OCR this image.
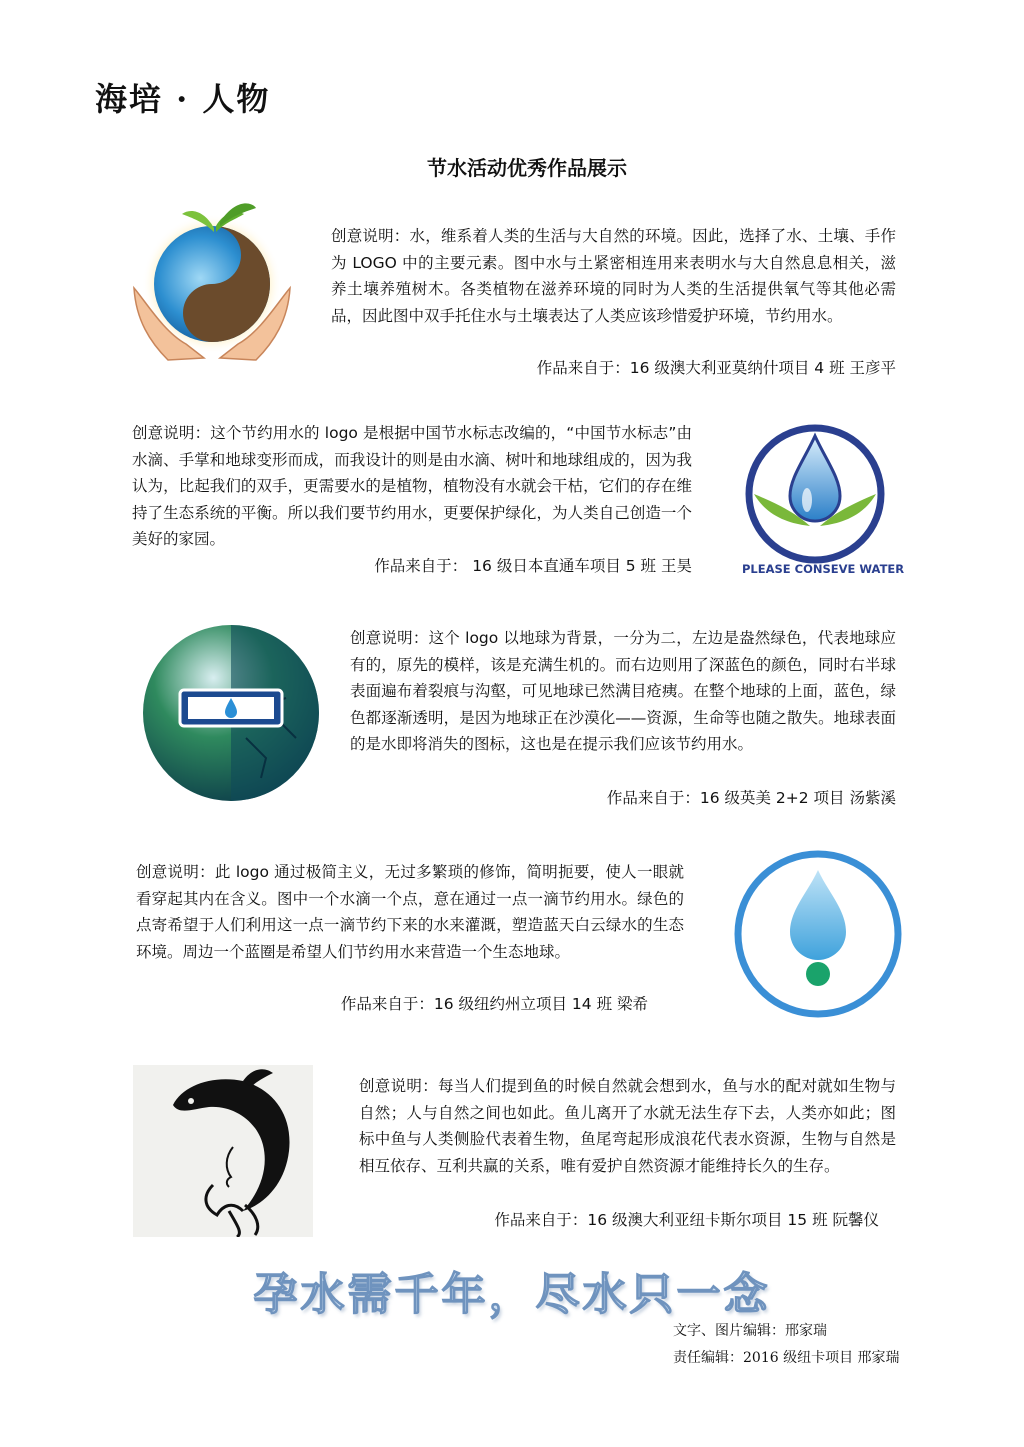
海培 · 人物
节水活动优秀作品展示
创意说明：水，维系着人类的生活与大自然的环境。因此，选择了水、土壤、手作为 LOGO 中的主要元素。图中水与土紧密相连用来表明水与大自然息息相关，滋养土壤养殖树木。各类植物在滋养环境的同时为人类的生活提供氧气等其他必需品，因此图中双手托住水与土壤表达了人类应该珍惜爱护环境，节约用水。
作品来自于：16 级澳大利亚莫纳什项目 4 班 王彦平
创意说明：这个节约用水的 logo 是根据中国节水标志改编的，“中国节水标志”由水滴、手掌和地球变形而成，而我设计的则是由水滴、树叶和地球组成的，因为我认为，比起我们的双手，更需要水的是植物，植物没有水就会干枯，它们的存在维持了生态系统的平衡。所以我们要节约用水，更要保护绿化，为人类自己创造一个美好的家园。
作品来自于： 16 级日本直通车项目 5 班 王昊	PLEASE CONSEVE WATER
创意说明：这个 logo 以地球为背景，一分为二，左边是盎然绿色，代表地球应有的，原先的模样，该是充满生机的。而右边则用了深蓝色的颜色，同时右半球表面遍布着裂痕与沟壑，可见地球已然满目疮痍。在整个地球的上面，蓝色，绿色都逐渐透明，是因为地球正在沙漠化——资源，生命等也随之散失。地球表面的是水即将消失的图标，这也是在提示我们应该节约用水。
作品来自于：16 级英美 2+2 项目 汤紫溪
创意说明：此 logo 通过极简主义，无过多繁琐的修饰，简明扼要，使人一眼就看穿起其内在含义。图中一个水滴一个点，意在通过一点一滴节约用水。绿色的点寄希望于人们利用这一点一滴节约下来的水来灌溉，塑造蓝天白云绿水的生态环境。周边一个蓝圈是希望人们节约用水来营造一个生态地球。
作品来自于：16 级纽约州立项目 14 班 梁希
创意说明：每当人们提到鱼的时候自然就会想到水，鱼与水的配对就如生物与自然；人与自然之间也如此。鱼儿离开了水就无法生存下去，人类亦如此；图标中鱼与人类侧脸代表着生物，鱼尾弯起形成浪花代表水资源，生物与自然是相互依存、互利共赢的关系，唯有爱护自然资源才能维持长久的生存。
作品来自于：16 级澳大利亚纽卡斯尔项目 15 班 阮馨仪
孕水需千年，尽水只一念
文字、图片编辑：邢家瑞
责任编辑：2016 级纽卡项目 邢家瑞
